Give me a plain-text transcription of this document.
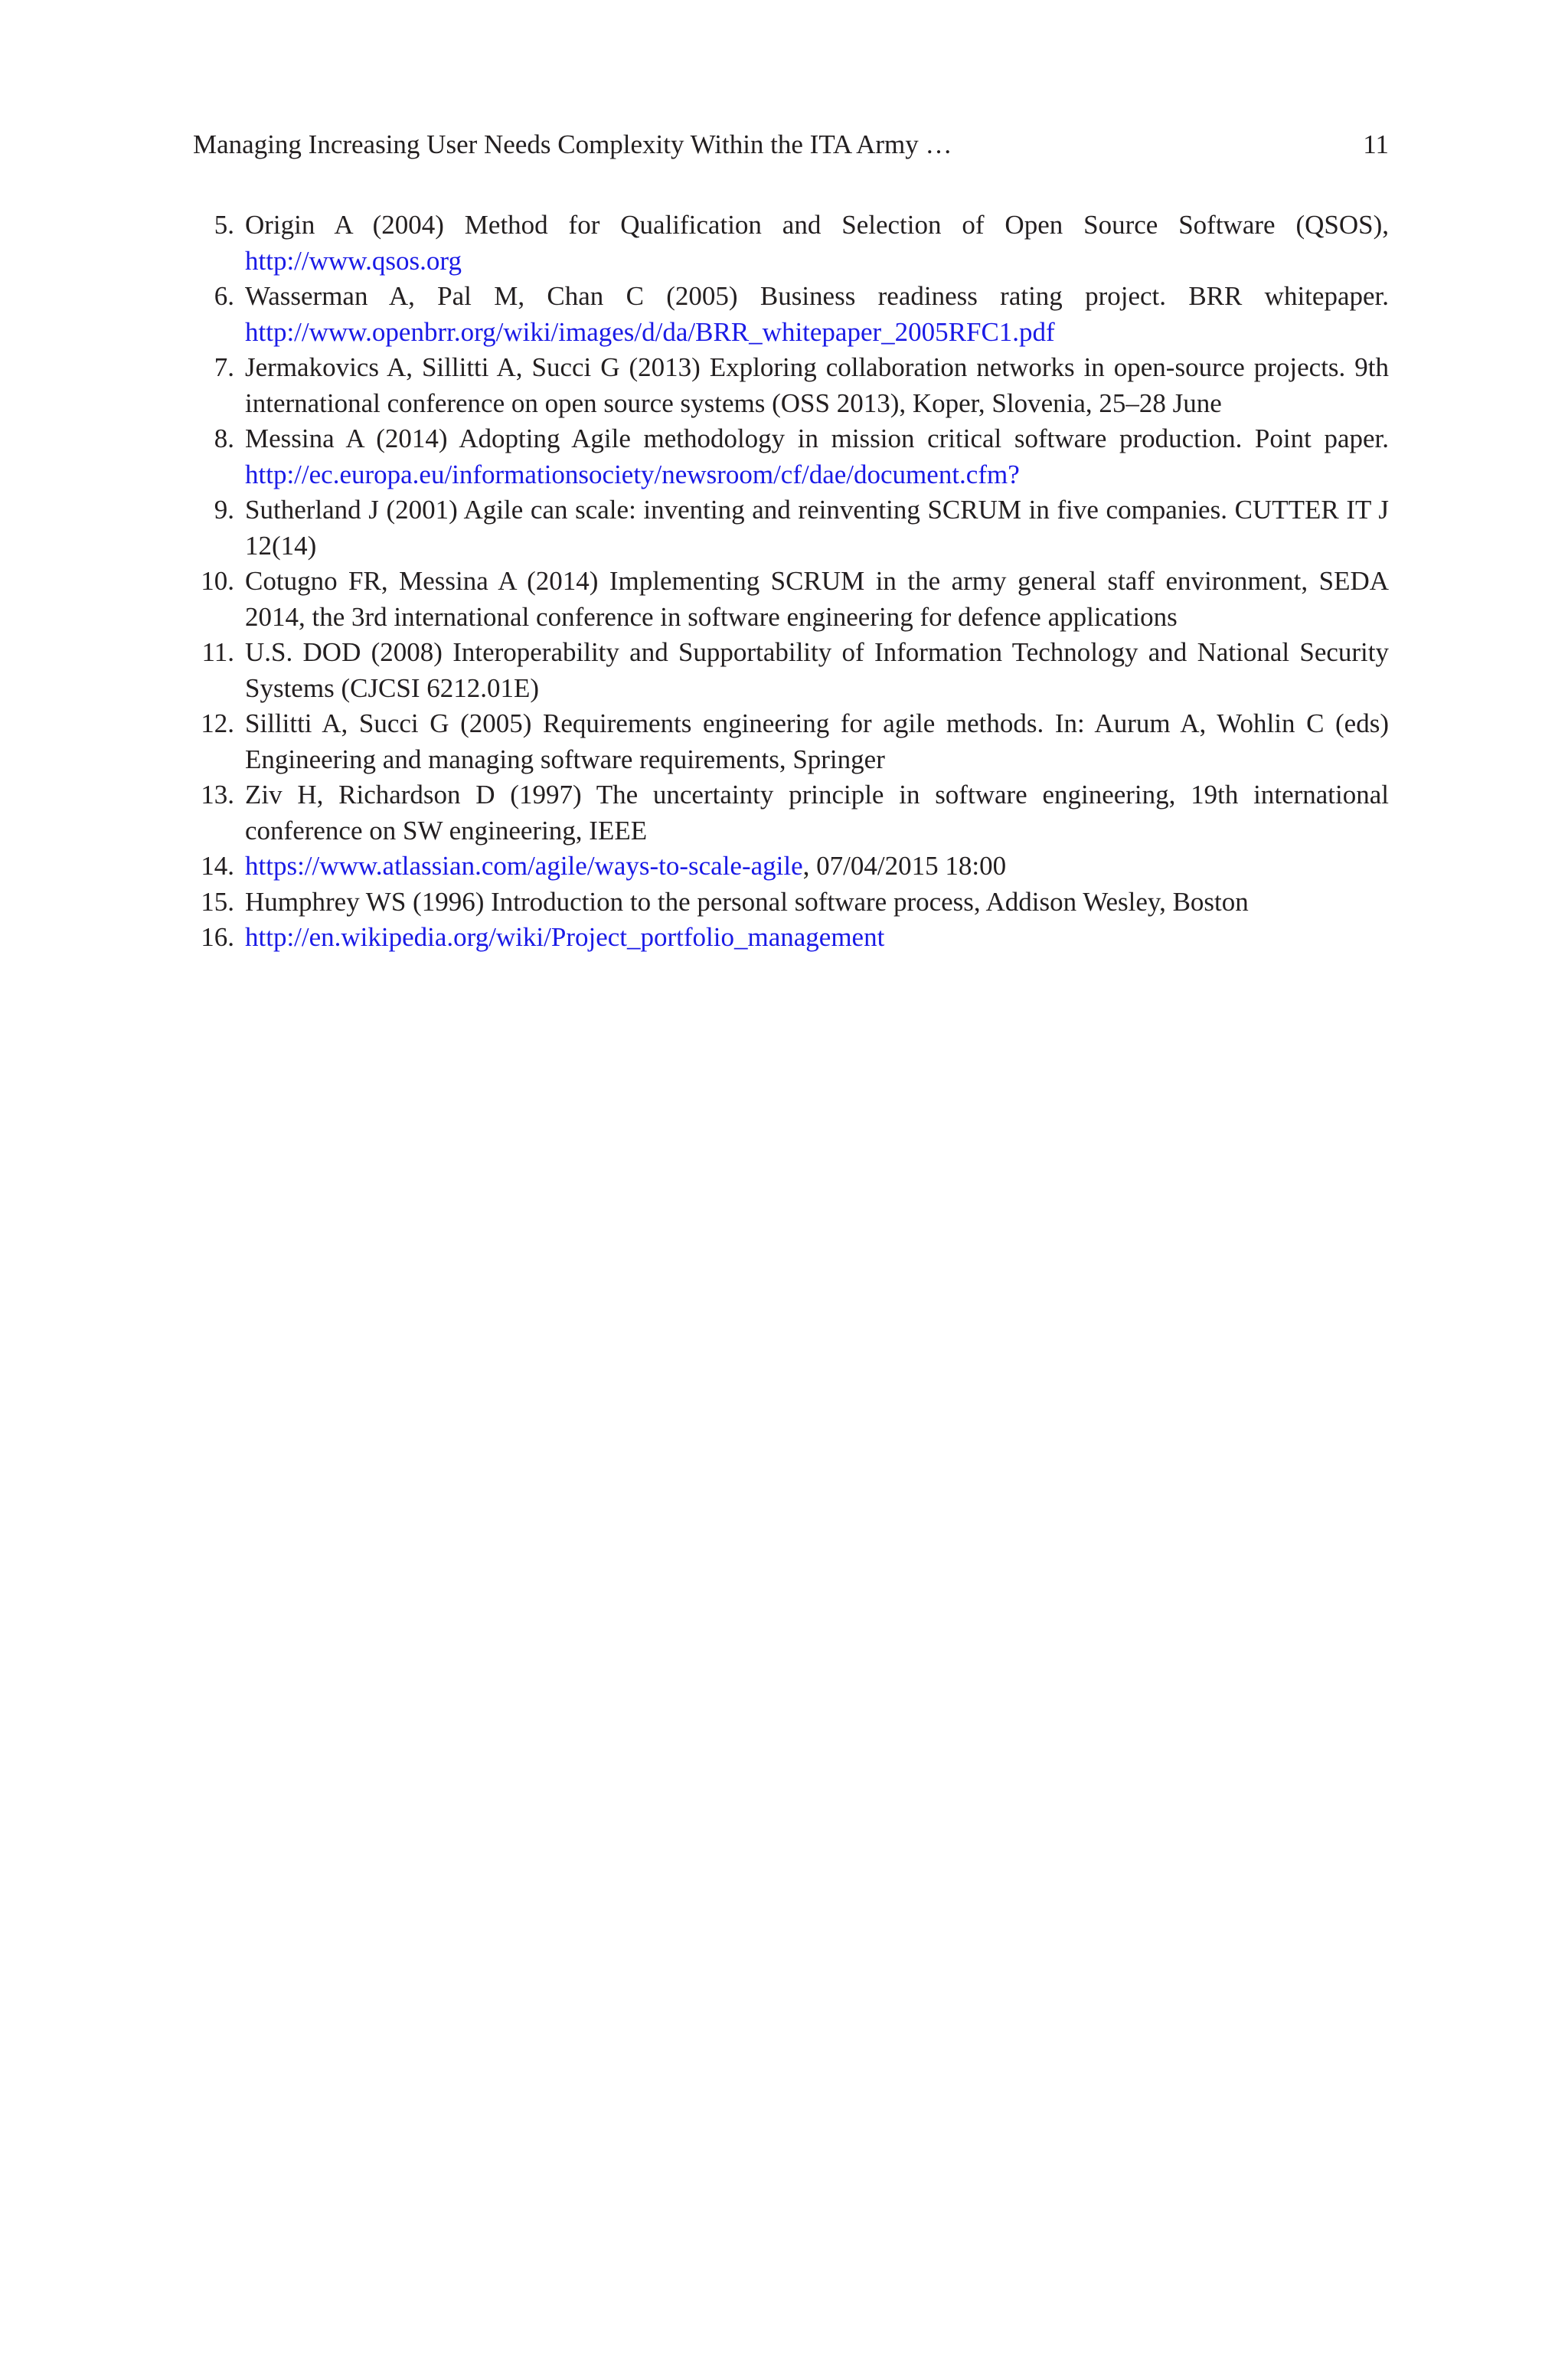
Managing Increasing User Needs Complexity Within the ITA Army …	11
5. Origin A (2004) Method for Qualification and Selection of Open Source Software (QSOS), http://www.qsos.org
6. Wasserman A, Pal M, Chan C (2005) Business readiness rating project. BRR whitepaper. http://www.openbrr.org/wiki/images/d/da/BRR_whitepaper_2005RFC1.pdf
7. Jermakovics A, Sillitti A, Succi G (2013) Exploring collaboration networks in open-source projects. 9th international conference on open source systems (OSS 2013), Koper, Slovenia, 25–28 June
8. Messina A (2014) Adopting Agile methodology in mission critical software production. Point paper. http://ec.europa.eu/informationsociety/newsroom/cf/dae/document.cfm?
9. Sutherland J (2001) Agile can scale: inventing and reinventing SCRUM in five companies. CUTTER IT J 12(14)
10. Cotugno FR, Messina A (2014) Implementing SCRUM in the army general staff environment, SEDA 2014, the 3rd international conference in software engineering for defence applications
11. U.S. DOD (2008) Interoperability and Supportability of Information Technology and National Security Systems (CJCSI 6212.01E)
12. Sillitti A, Succi G (2005) Requirements engineering for agile methods. In: Aurum A, Wohlin C (eds) Engineering and managing software requirements, Springer
13. Ziv H, Richardson D (1997) The uncertainty principle in software engineering, 19th international conference on SW engineering, IEEE
14. https://www.atlassian.com/agile/ways-to-scale-agile, 07/04/2015 18:00
15. Humphrey WS (1996) Introduction to the personal software process, Addison Wesley, Boston
16. http://en.wikipedia.org/wiki/Project_portfolio_management
